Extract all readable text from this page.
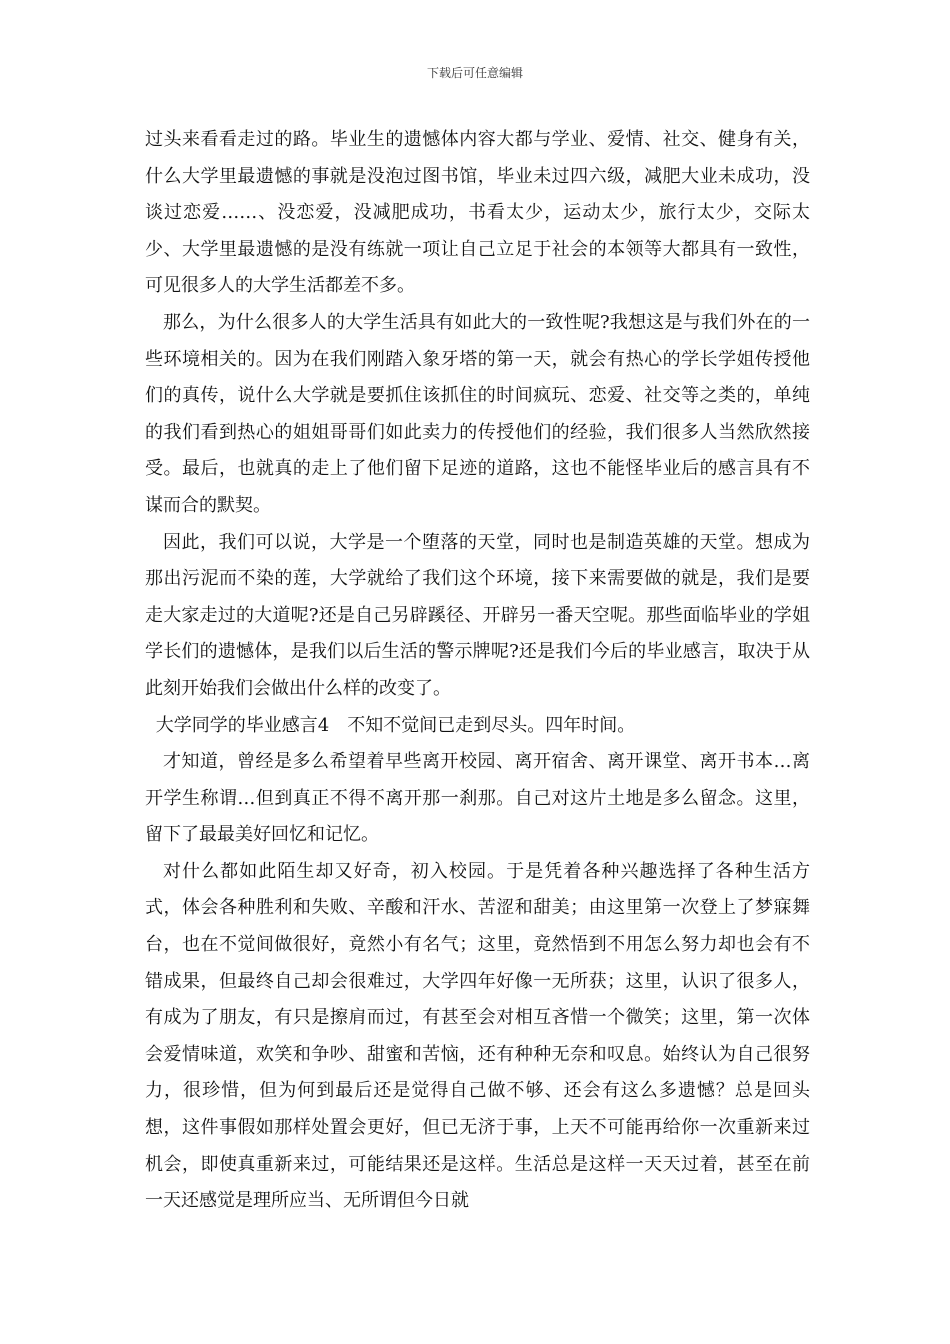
下载后可任意编辑

过头来看看走过的路。毕业生的遗憾体内容大都与学业、爱情、社交、健身有关，什么大学里最遗憾的事就是没泡过图书馆，毕业未过四六级，减肥大业未成功，没谈过恋爱……、没恋爱，没减肥成功，书看太少，运动太少，旅行太少，交际太少、大学里最遗憾的是没有练就一项让自己立足于社会的本领等大都具有一致性，可见很多人的大学生活都差不多。

那么，为什么很多人的大学生活具有如此大的一致性呢?我想这是与我们外在的一些环境相关的。因为在我们刚踏入象牙塔的第一天，就会有热心的学长学姐传授他们的真传，说什么大学就是要抓住该抓住的时间疯玩、恋爱、社交等之类的，单纯的我们看到热心的姐姐哥哥们如此卖力的传授他们的经验，我们很多人当然欣然接受。最后，也就真的走上了他们留下足迹的道路，这也不能怪毕业后的感言具有不谋而合的默契。

因此，我们可以说，大学是一个堕落的天堂，同时也是制造英雄的天堂。想成为那出污泥而不染的莲，大学就给了我们这个环境，接下来需要做的就是，我们是要走大家走过的大道呢?还是自己另辟蹊径、开辟另一番天空呢。那些面临毕业的学姐学长们的遗憾体，是我们以后生活的警示牌呢?还是我们今后的毕业感言，取决于从此刻开始我们会做出什么样的改变了。

大学同学的毕业感言4　不知不觉间已走到尽头。四年时间。

才知道，曾经是多么希望着早些离开校园、离开宿舍、离开课堂、离开书本…离开学生称谓…但到真正不得不离开那一刹那。自己对这片土地是多么留念。这里，留下了最最美好回忆和记忆。

对什么都如此陌生却又好奇，初入校园。于是凭着各种兴趣选择了各种生活方式，体会各种胜利和失败、辛酸和汗水、苦涩和甜美；由这里第一次登上了梦寐舞台，也在不觉间做很好，竟然小有名气；这里，竟然悟到不用怎么努力却也会有不错成果，但最终自己却会很难过，大学四年好像一无所获；这里，认识了很多人，有成为了朋友，有只是擦肩而过，有甚至会对相互吝惜一个微笑；这里，第一次体会爱情味道，欢笑和争吵、甜蜜和苦恼，还有种种无奈和叹息。始终认为自己很努力，很珍惜，但为何到最后还是觉得自己做不够、还会有这么多遗憾？总是回头想，这件事假如那样处置会更好，但已无济于事，上天不可能再给你一次重新来过机会，即使真重新来过，可能结果还是这样。生活总是这样一天天过着，甚至在前一天还感觉是理所应当、无所谓但今日就
